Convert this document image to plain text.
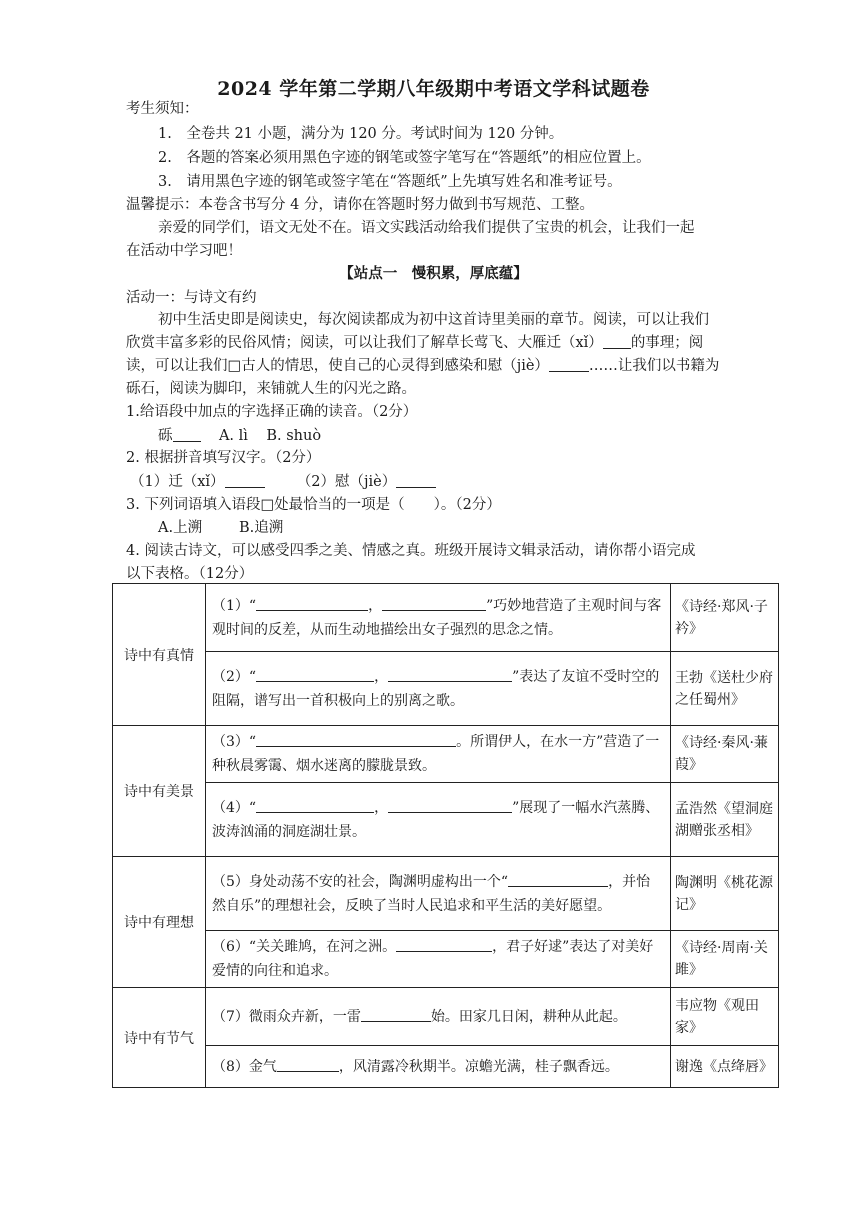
2024 学年第二学期八年级期中考语文学科试题卷
考生须知：
1.　全卷共 21 小题，满分为 120 分。考试时间为 120 分钟。
2.　各题的答案必须用黑色字迹的钢笔或签字笔写在“答题纸”的相应位置上。
3.　请用黑色字迹的钢笔或签字笔在“答题纸”上先填写姓名和准考证号。
温馨提示：本卷含书写分 4 分，请你在答题时努力做到书写规范、工整。
亲爱的同学们，语文无处不在。语文实践活动给我们提供了宝贵的机会，让我们一起
在活动中学习吧！
【站点一　慢积累，厚底蕴】
活动一：与诗文有约
初中生活史即是阅读史，每次阅读都成为初中这首诗里美丽的章节。阅读，可以让我们
欣赏丰富多彩的民俗风情；阅读，可以让我们了解草长莺飞、大雁迁（xǐ） 的事理；阅
读，可以让我们□古人的情思，使自己的心灵得到感染和慰（jiè）	……让我们以书籍为
砾石，阅读为脚印，来铺就人生的闪光之路。
1.给语段中加点的字选择正确的读音。（2分）
砾	A. lì B. shuò
2. 根据拼音填写汉字。（2分）
（1）迁（xǐ）	（2）慰（jiè）
3. 下列词语填入语段□处最恰当的一项是（　　）。（2分）
A.上溯	B.追溯
4. 阅读古诗文，可以感受四季之美、情感之真。班级开展诗文辑录活动，请你帮小语完成
以下表格。（12分）
诗中有真情	（1）“ ， ”巧妙地营造了主观时间与客观时间的反差，从而生动地描绘出女子强烈的思念之情。	《诗经·郑风·子衿》
	（2）“ ， ”表达了友谊不受时空的阻隔，谱写出一首积极向上的别离之歌。	王勃《送杜少府之任蜀州》
诗中有美景	（3）“ 。所谓伊人，在水一方”营造了一种秋晨雾霭、烟水迷离的朦胧景致。	《诗经·秦风·蒹葭》
	（4）“ ， ”展现了一幅水汽蒸腾、波涛汹涌的洞庭湖壮景。	孟浩然《望洞庭湖赠张丞相》
诗中有理想	（5）身处动荡不安的社会，陶渊明虚构出一个“ ，并怡然自乐”的理想社会，反映了当时人民追求和平生活的美好愿望。	陶渊明《桃花源记》
	（6）“关关雎鸠，在河之洲。 ，君子好逑”表达了对美好爱情的向往和追求。	《诗经·周南·关雎》
诗中有节气	（7）微雨众卉新，一雷 始。田家几日闲，耕种从此起。	韦应物《观田家》
	（8）金气 ，风清露冷秋期半。凉蟾光满，桂子飘香远。	谢逸《点绛唇》
